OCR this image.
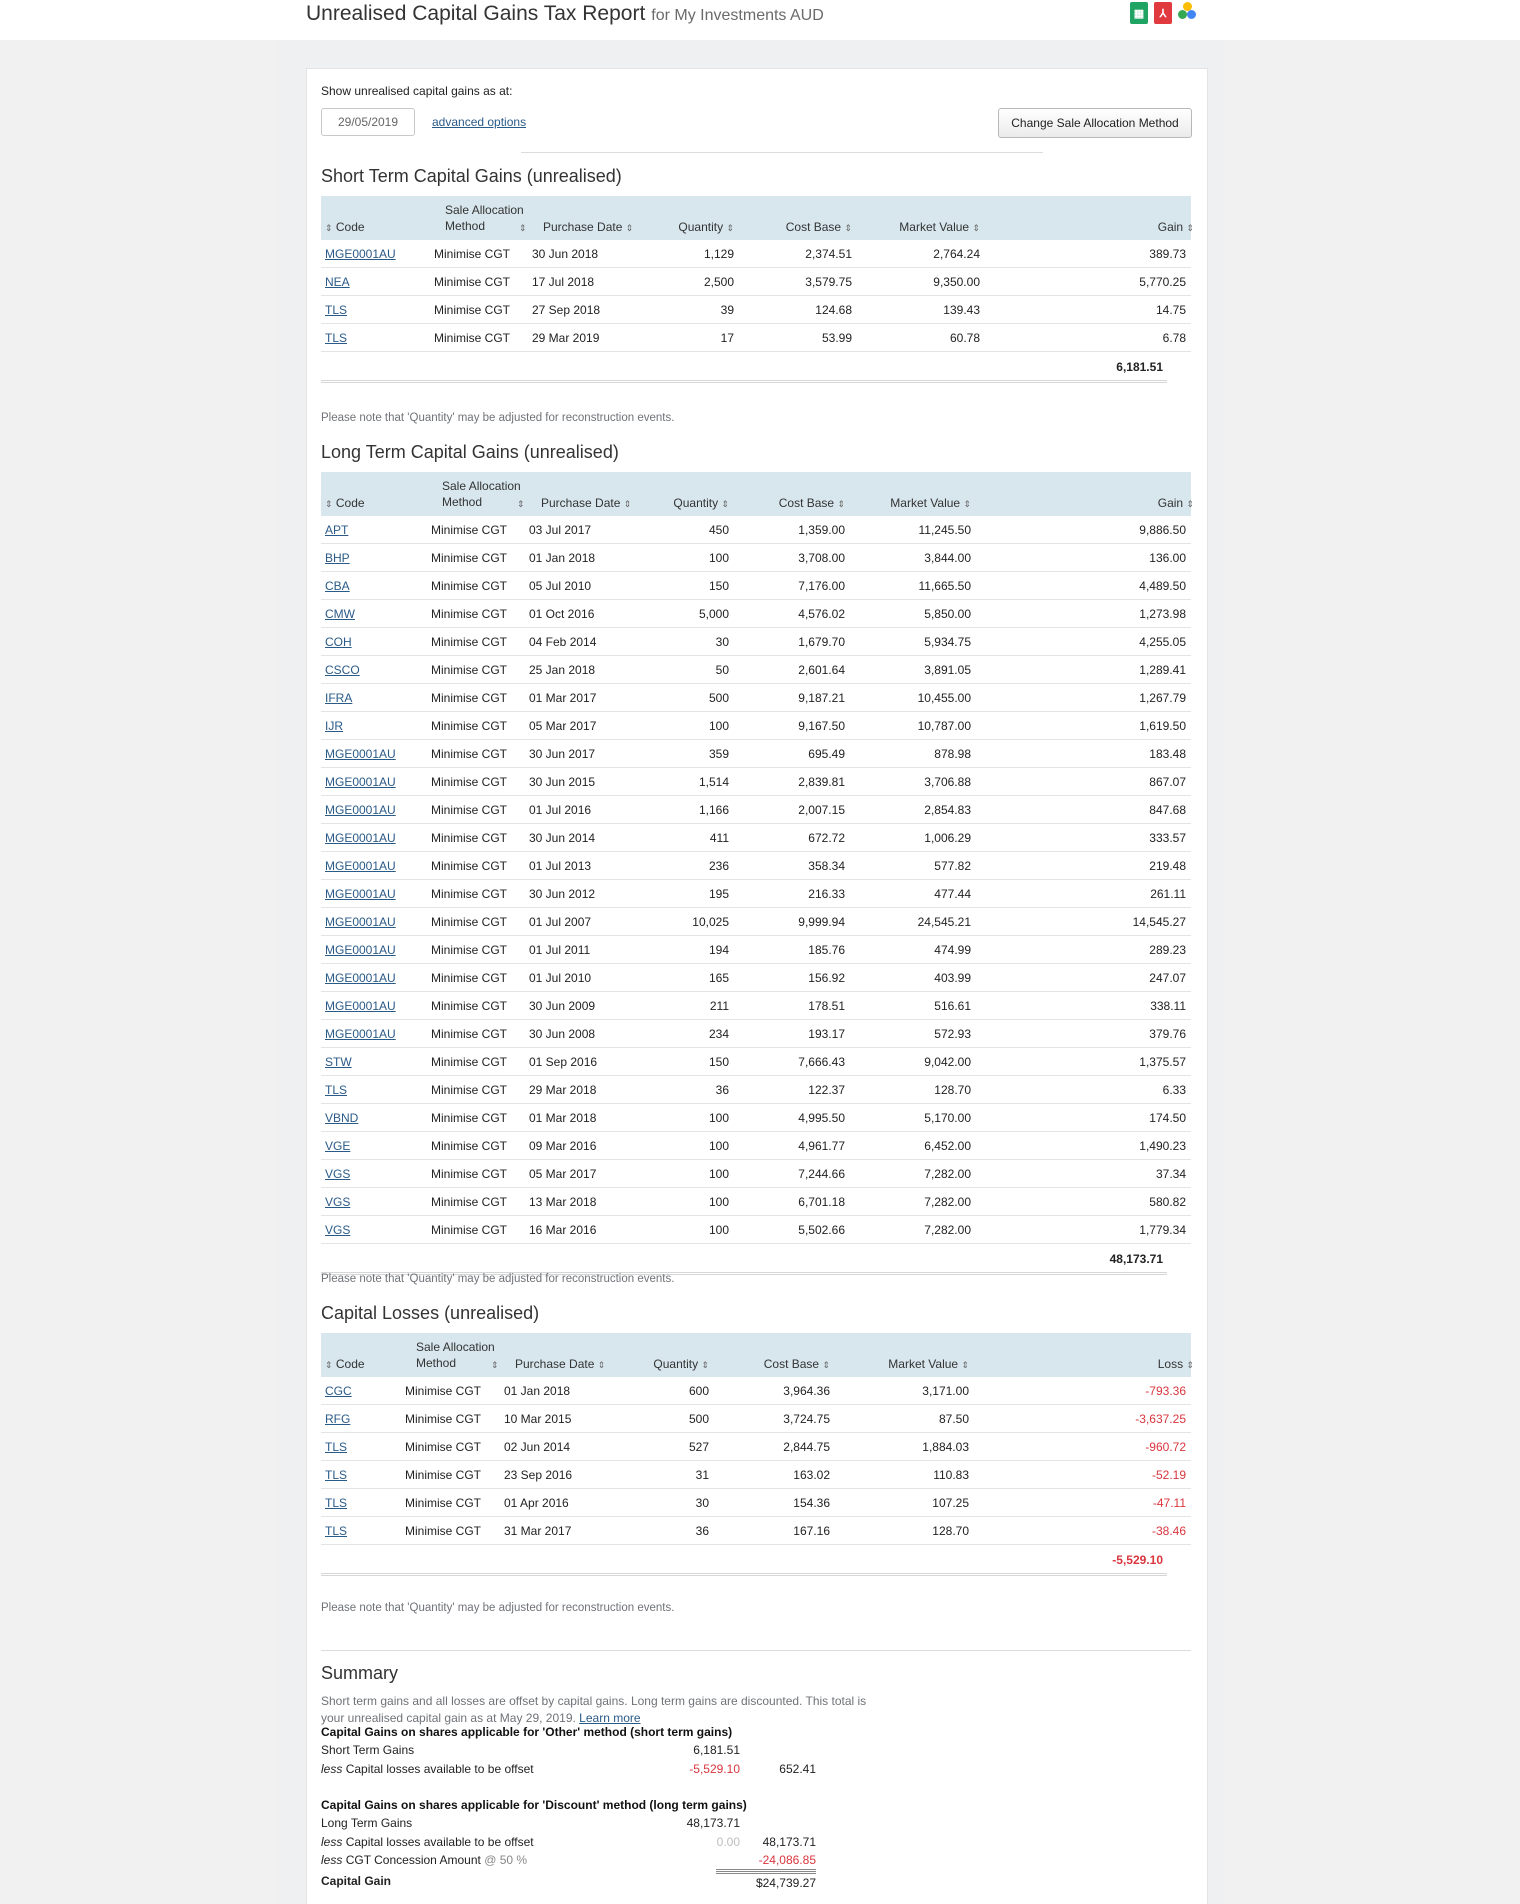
Unrealised Capital Gains Tax Report for My Investments AUD	▦	⅄
Show unrealised capital gains as at:
29/05/2019
advanced options	Change Sale Allocation Method
Short Term Capital Gains (unrealised)
⇕ Code
Sale Allocation
Method	⇕ Purchase Date ⇕	Quantity ⇕	Cost Base ⇕	Market Value ⇕	Gain ⇕
MGE0001AU	Minimise CGT 30 Jun 2018	1,129	2,374.51	2,764.24	389.73
NEA	Minimise CGT 17 Jul 2018	2,500	3,579.75	9,350.00	5,770.25
TLS	Minimise CGT 27 Sep 2018	39	124.68	139.43	14.75
TLS	Minimise CGT 29 Mar 2019	17	53.99	60.78	6.78
6,181.51
Please note that 'Quantity' may be adjusted for reconstruction events.
Long Term Capital Gains (unrealised)
⇕ Code
Sale Allocation
Method	⇕ Purchase Date ⇕	Quantity ⇕	Cost Base ⇕	Market Value ⇕	Gain ⇕
APT	Minimise CGT 03 Jul 2017	450	1,359.00	11,245.50	9,886.50
BHP	Minimise CGT 01 Jan 2018	100	3,708.00	3,844.00	136.00
CBA	Minimise CGT 05 Jul 2010	150	7,176.00	11,665.50	4,489.50
CMW	Minimise CGT 01 Oct 2016	5,000	4,576.02	5,850.00	1,273.98
COH	Minimise CGT 04 Feb 2014	30	1,679.70	5,934.75	4,255.05
CSCO	Minimise CGT 25 Jan 2018	50	2,601.64	3,891.05	1,289.41
IFRA	Minimise CGT 01 Mar 2017	500	9,187.21	10,455.00	1,267.79
IJR	Minimise CGT 05 Mar 2017	100	9,167.50	10,787.00	1,619.50
MGE0001AU	Minimise CGT 30 Jun 2017	359	695.49	878.98	183.48
MGE0001AU	Minimise CGT 30 Jun 2015	1,514	2,839.81	3,706.88	867.07
MGE0001AU	Minimise CGT 01 Jul 2016	1,166	2,007.15	2,854.83	847.68
MGE0001AU	Minimise CGT 30 Jun 2014	411	672.72	1,006.29	333.57
MGE0001AU	Minimise CGT 01 Jul 2013	236	358.34	577.82	219.48
MGE0001AU	Minimise CGT 30 Jun 2012	195	216.33	477.44	261.11
MGE0001AU	Minimise CGT 01 Jul 2007	10,025	9,999.94	24,545.21	14,545.27
MGE0001AU	Minimise CGT 01 Jul 2011	194	185.76	474.99	289.23
MGE0001AU	Minimise CGT 01 Jul 2010	165	156.92	403.99	247.07
MGE0001AU	Minimise CGT 30 Jun 2009	211	178.51	516.61	338.11
MGE0001AU	Minimise CGT 30 Jun 2008	234	193.17	572.93	379.76
STW	Minimise CGT 01 Sep 2016	150	7,666.43	9,042.00	1,375.57
TLS	Minimise CGT 29 Mar 2018	36	122.37	128.70	6.33
VBND	Minimise CGT 01 Mar 2018	100	4,995.50	5,170.00	174.50
VGE	Minimise CGT 09 Mar 2016	100	4,961.77	6,452.00	1,490.23
VGS	Minimise CGT 05 Mar 2017	100	7,244.66	7,282.00	37.34
VGS	Minimise CGT 13 Mar 2018	100	6,701.18	7,282.00	580.82
VGS	Minimise CGT 16 Mar 2016	100	5,502.66	7,282.00	1,779.34
48,173.71
Please note that 'Quantity' may be adjusted for reconstruction events.
Capital Losses (unrealised)
⇕ Code
Sale Allocation
Method	⇕ Purchase Date ⇕	Quantity ⇕	Cost Base ⇕	Market Value ⇕	Loss ⇕
CGC	Minimise CGT 01 Jan 2018	600	3,964.36	3,171.00	-793.36
RFG	Minimise CGT 10 Mar 2015	500	3,724.75	87.50	-3,637.25
TLS	Minimise CGT 02 Jun 2014	527	2,844.75	1,884.03	-960.72
TLS	Minimise CGT 23 Sep 2016	31	163.02	110.83	-52.19
TLS	Minimise CGT 01 Apr 2016	30	154.36	107.25	-47.11
TLS	Minimise CGT 31 Mar 2017	36	167.16	128.70	-38.46
-5,529.10
Please note that 'Quantity' may be adjusted for reconstruction events.
Summary
Short term gains and all losses are offset by capital gains. Long term gains are discounted. This total is
your unrealised capital gain as at May 29, 2019. Learn more
Capital Gains on shares applicable for 'Other' method (short term gains)
Short Term Gains	6,181.51
less Capital losses available to be offset	-5,529.10	652.41
Capital Gains on shares applicable for 'Discount' method (long term gains)
Long Term Gains	48,173.71
less Capital losses available to be offset	0.00	48,173.71
less CGT Concession Amount @ 50 %	-24,086.85
Capital Gain	$24,739.27
